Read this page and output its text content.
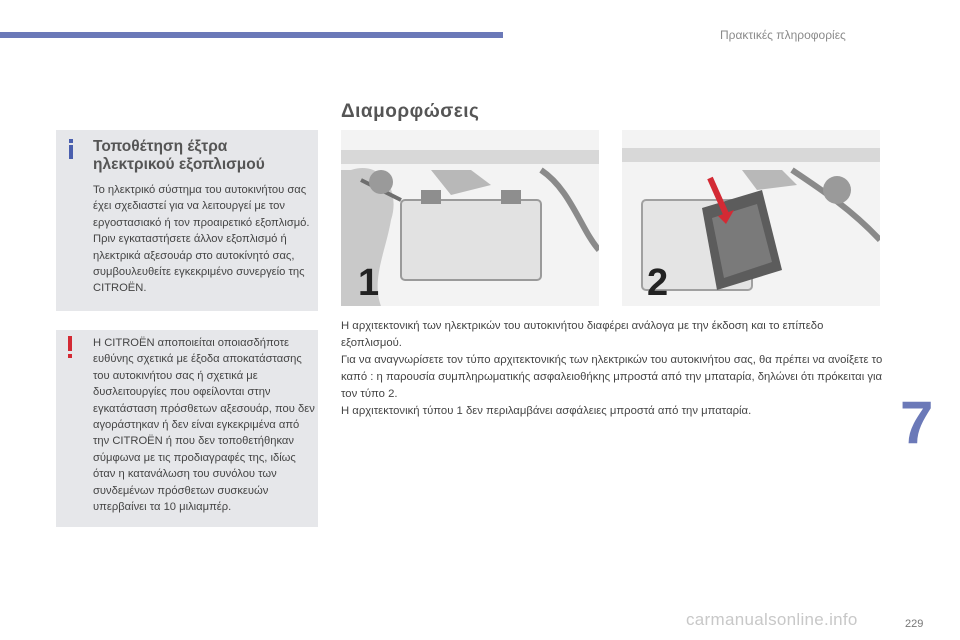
Πρακτικές πληροφορίες
Τοποθέτηση έξτρα ηλεκτρικού εξοπλισμού
Το ηλεκτρικό σύστημα του αυτοκινήτου σας έχει σχεδιαστεί για να λειτουργεί με τον εργοστασιακό ή τον προαιρετικό εξοπλισμό. Πριν εγκαταστήσετε άλλον εξοπλισμό ή ηλεκτρικά αξεσουάρ στο αυτοκίνητό σας, συμβουλευθείτε εγκεκριμένο συνεργείο της CITROËN.
Η CITROËN αποποιείται οποιασδήποτε ευθύνης σχετικά με έξοδα αποκατάστασης του αυτοκινήτου σας ή σχετικά με δυσλειτουργίες που οφείλονται στην εγκατάσταση πρόσθετων αξεσουάρ, που δεν αγοράστηκαν ή δεν είναι εγκεκριμένα από την CITROËN ή που δεν τοποθετήθηκαν σύμφωνα με τις προδιαγραφές της, ιδίως όταν η κατανάλωση του συνόλου των συνδεμένων πρόσθετων συσκευών υπερβαίνει τα 10 μιλιαμπέρ.
Διαμορφώσεις
1	2

Η αρχιτεκτονική των ηλεκτρικών του αυτοκινήτου διαφέρει ανάλογα με την έκδοση και το επίπεδο εξοπλισμού.

Για να αναγνωρίσετε τον τύπο αρχιτεκτονικής των ηλεκτρικών του αυτοκινήτου σας, θα πρέπει να ανοίξετε το καπό : η παρουσία συμπληρωματικής ασφαλειοθήκης μπροστά από την μπαταρία, δηλώνει ότι πρόκειται για τον τύπο 2.

Η αρχιτεκτονική τύπου 1 δεν περιλαμβάνει ασφάλειες μπροστά από την μπαταρία.	7
229
carmanualsonline.info
